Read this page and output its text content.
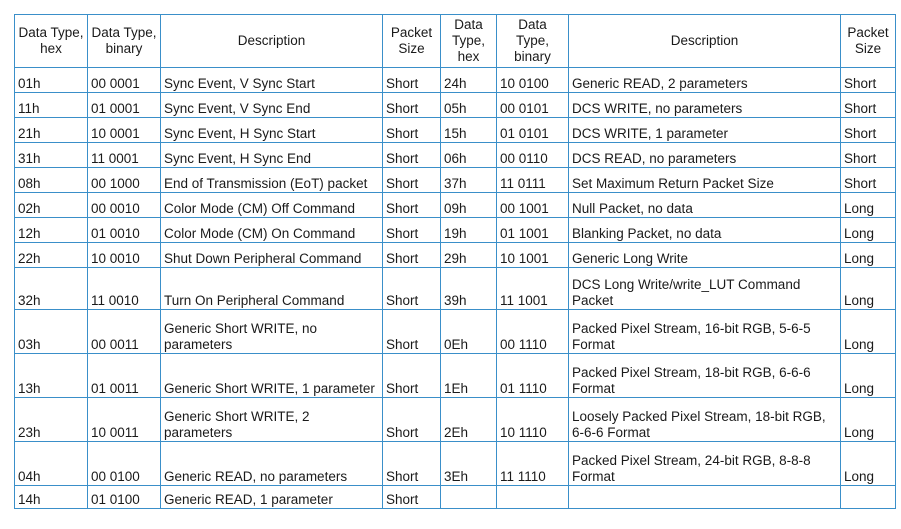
Data Type, hex	Data Type, binary	Description	Packet Size	Data Type, hex	Data Type, binary	Description	Packet Size
01h	00 0001	Sync Event, V Sync Start	Short	24h	10 0100	Generic READ, 2 parameters	Short
11h	01 0001	Sync Event, V Sync End	Short	05h	00 0101	DCS WRITE, no parameters	Short
21h	10 0001	Sync Event, H Sync Start	Short	15h	01 0101	DCS WRITE, 1 parameter	Short
31h	11 0001	Sync Event, H Sync End	Short	06h	00 0110	DCS READ, no parameters	Short
08h	00 1000	End of Transmission (EoT) packet	Short	37h	11 0111	Set Maximum Return Packet Size	Short
02h	00 0010	Color Mode (CM) Off Command	Short	09h	00 1001	Null Packet, no data	Long
12h	01 0010	Color Mode (CM) On Command	Short	19h	01 1001	Blanking Packet, no data	Long
22h	10 0010	Shut Down Peripheral Command	Short	29h	10 1001	Generic Long Write	Long
32h	11 0010	Turn On Peripheral Command	Short	39h	11 1001	DCS Long Write/write_LUT Command Packet	Long
03h	00 0011	Generic Short WRITE, no parameters	Short	0Eh	00 1110	Packed Pixel Stream, 16-bit RGB, 5-6-5 Format	Long
13h	01 0011	Generic Short WRITE, 1 parameter	Short	1Eh	01 1110	Packed Pixel Stream, 18-bit RGB, 6-6-6 Format	Long
23h	10 0011	Generic Short WRITE, 2 parameters	Short	2Eh	10 1110	Loosely Packed Pixel Stream, 18-bit RGB, 6-6-6 Format	Long
04h	00 0100	Generic READ, no parameters	Short	3Eh	11 1110	Packed Pixel Stream, 24-bit RGB, 8-8-8 Format	Long
14h	01 0100	Generic READ, 1 parameter	Short				
